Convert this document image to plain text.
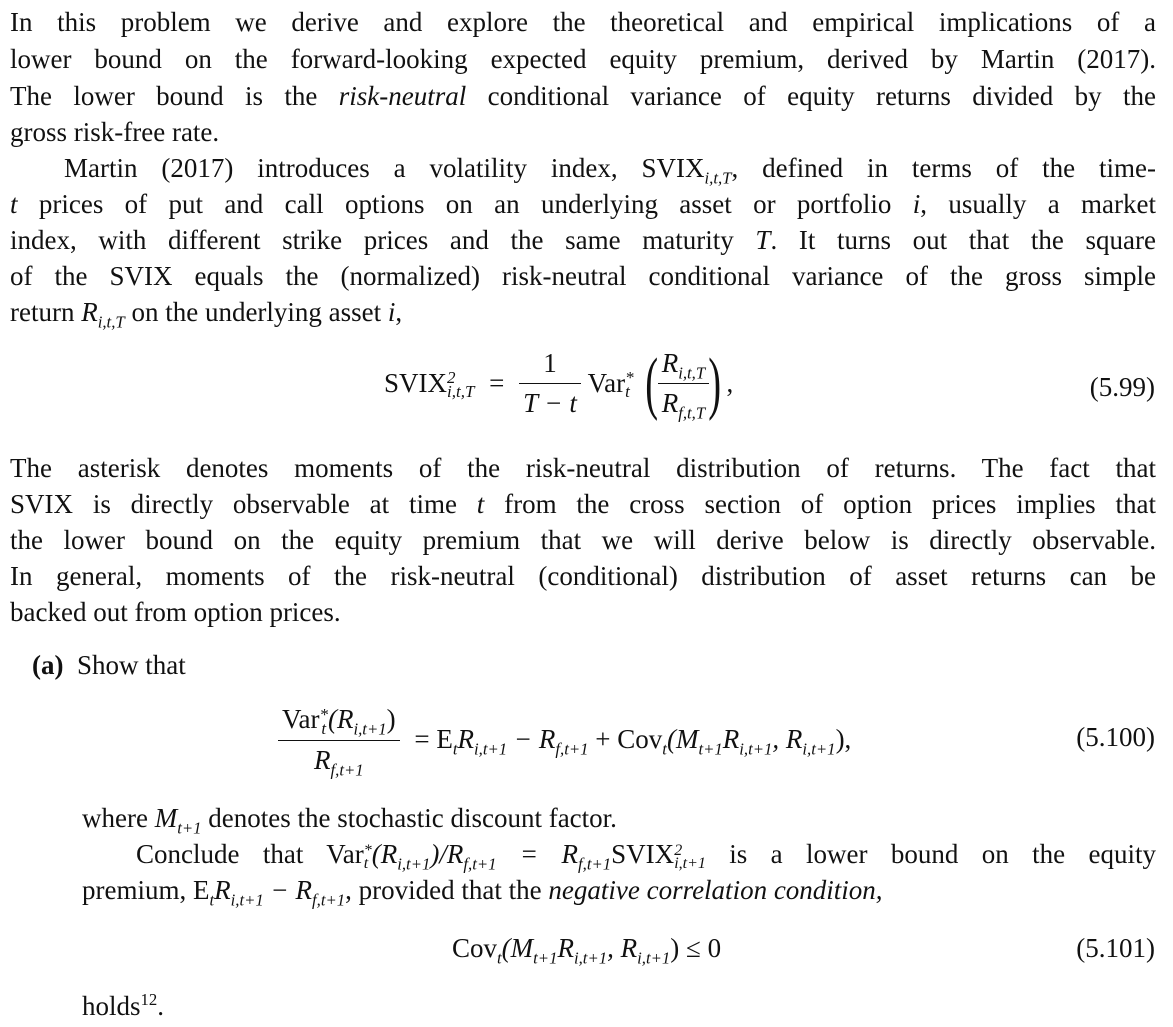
In this problem we derive and explore the theoretical and empirical implications of a
lower bound on the forward-looking expected equity premium, derived by Martin (2017).
The lower bound is the risk-neutral conditional variance of equity returns divided by the
gross risk-free rate.
Martin (2017) introduces a volatility index, $SVIX_{i,t,T}$, defined in terms of the time-
t prices of put and call options on an underlying asset or portfolio i, usually a market
index, with different strike prices and the same maturity T. It turns out that the square
of the SVIX equals the (normalized) risk-neutral conditional variance of the gross simple
return $R_{i,t,T}$ on the underlying asset i,
SVIX 2
$i,t,T = \frac{1}{T - t}$ Var *
t ( $\frac{R_{i,t,T}}{R_{f,t,T}}$ ) ,	(5.99)
The asterisk denotes moments of the risk-neutral distribution of returns. The fact that
SVIX is directly observable at time t from the cross section of option prices implies that
the lower bound on the equity premium that we will derive below is directly observable.
In general, moments of the risk-neutral (conditional) distribution of asset returns can be
backed out from option prices.
(a) Show that
Var *
t $(R_{i,t+1})$
$R_{f,t+1} = E_tR_{i,t+1} - R_{f,t+1} + Cov_t(M_{t+1}R_{i,t+1}$, $R_{i,t+1}$),	(5.100)
where $M_{t+1}$ denotes the stochastic discount factor.
Conclude that Var *
t $(R_{i,t+1})/R_{f,t+1}$ = $R_{f,t+1}SVIX$ 2
i,t+1 is a lower bound on the equity
premium, $E_tR_{i,t+1} - R_{f,t+1}$, provided that the negative correlation condition,
$Cov_t(M_{t+1}R_{i,t+1}$, $R_{i,t+1}) \le 0$	(5.101)
holds$^{12}$.
